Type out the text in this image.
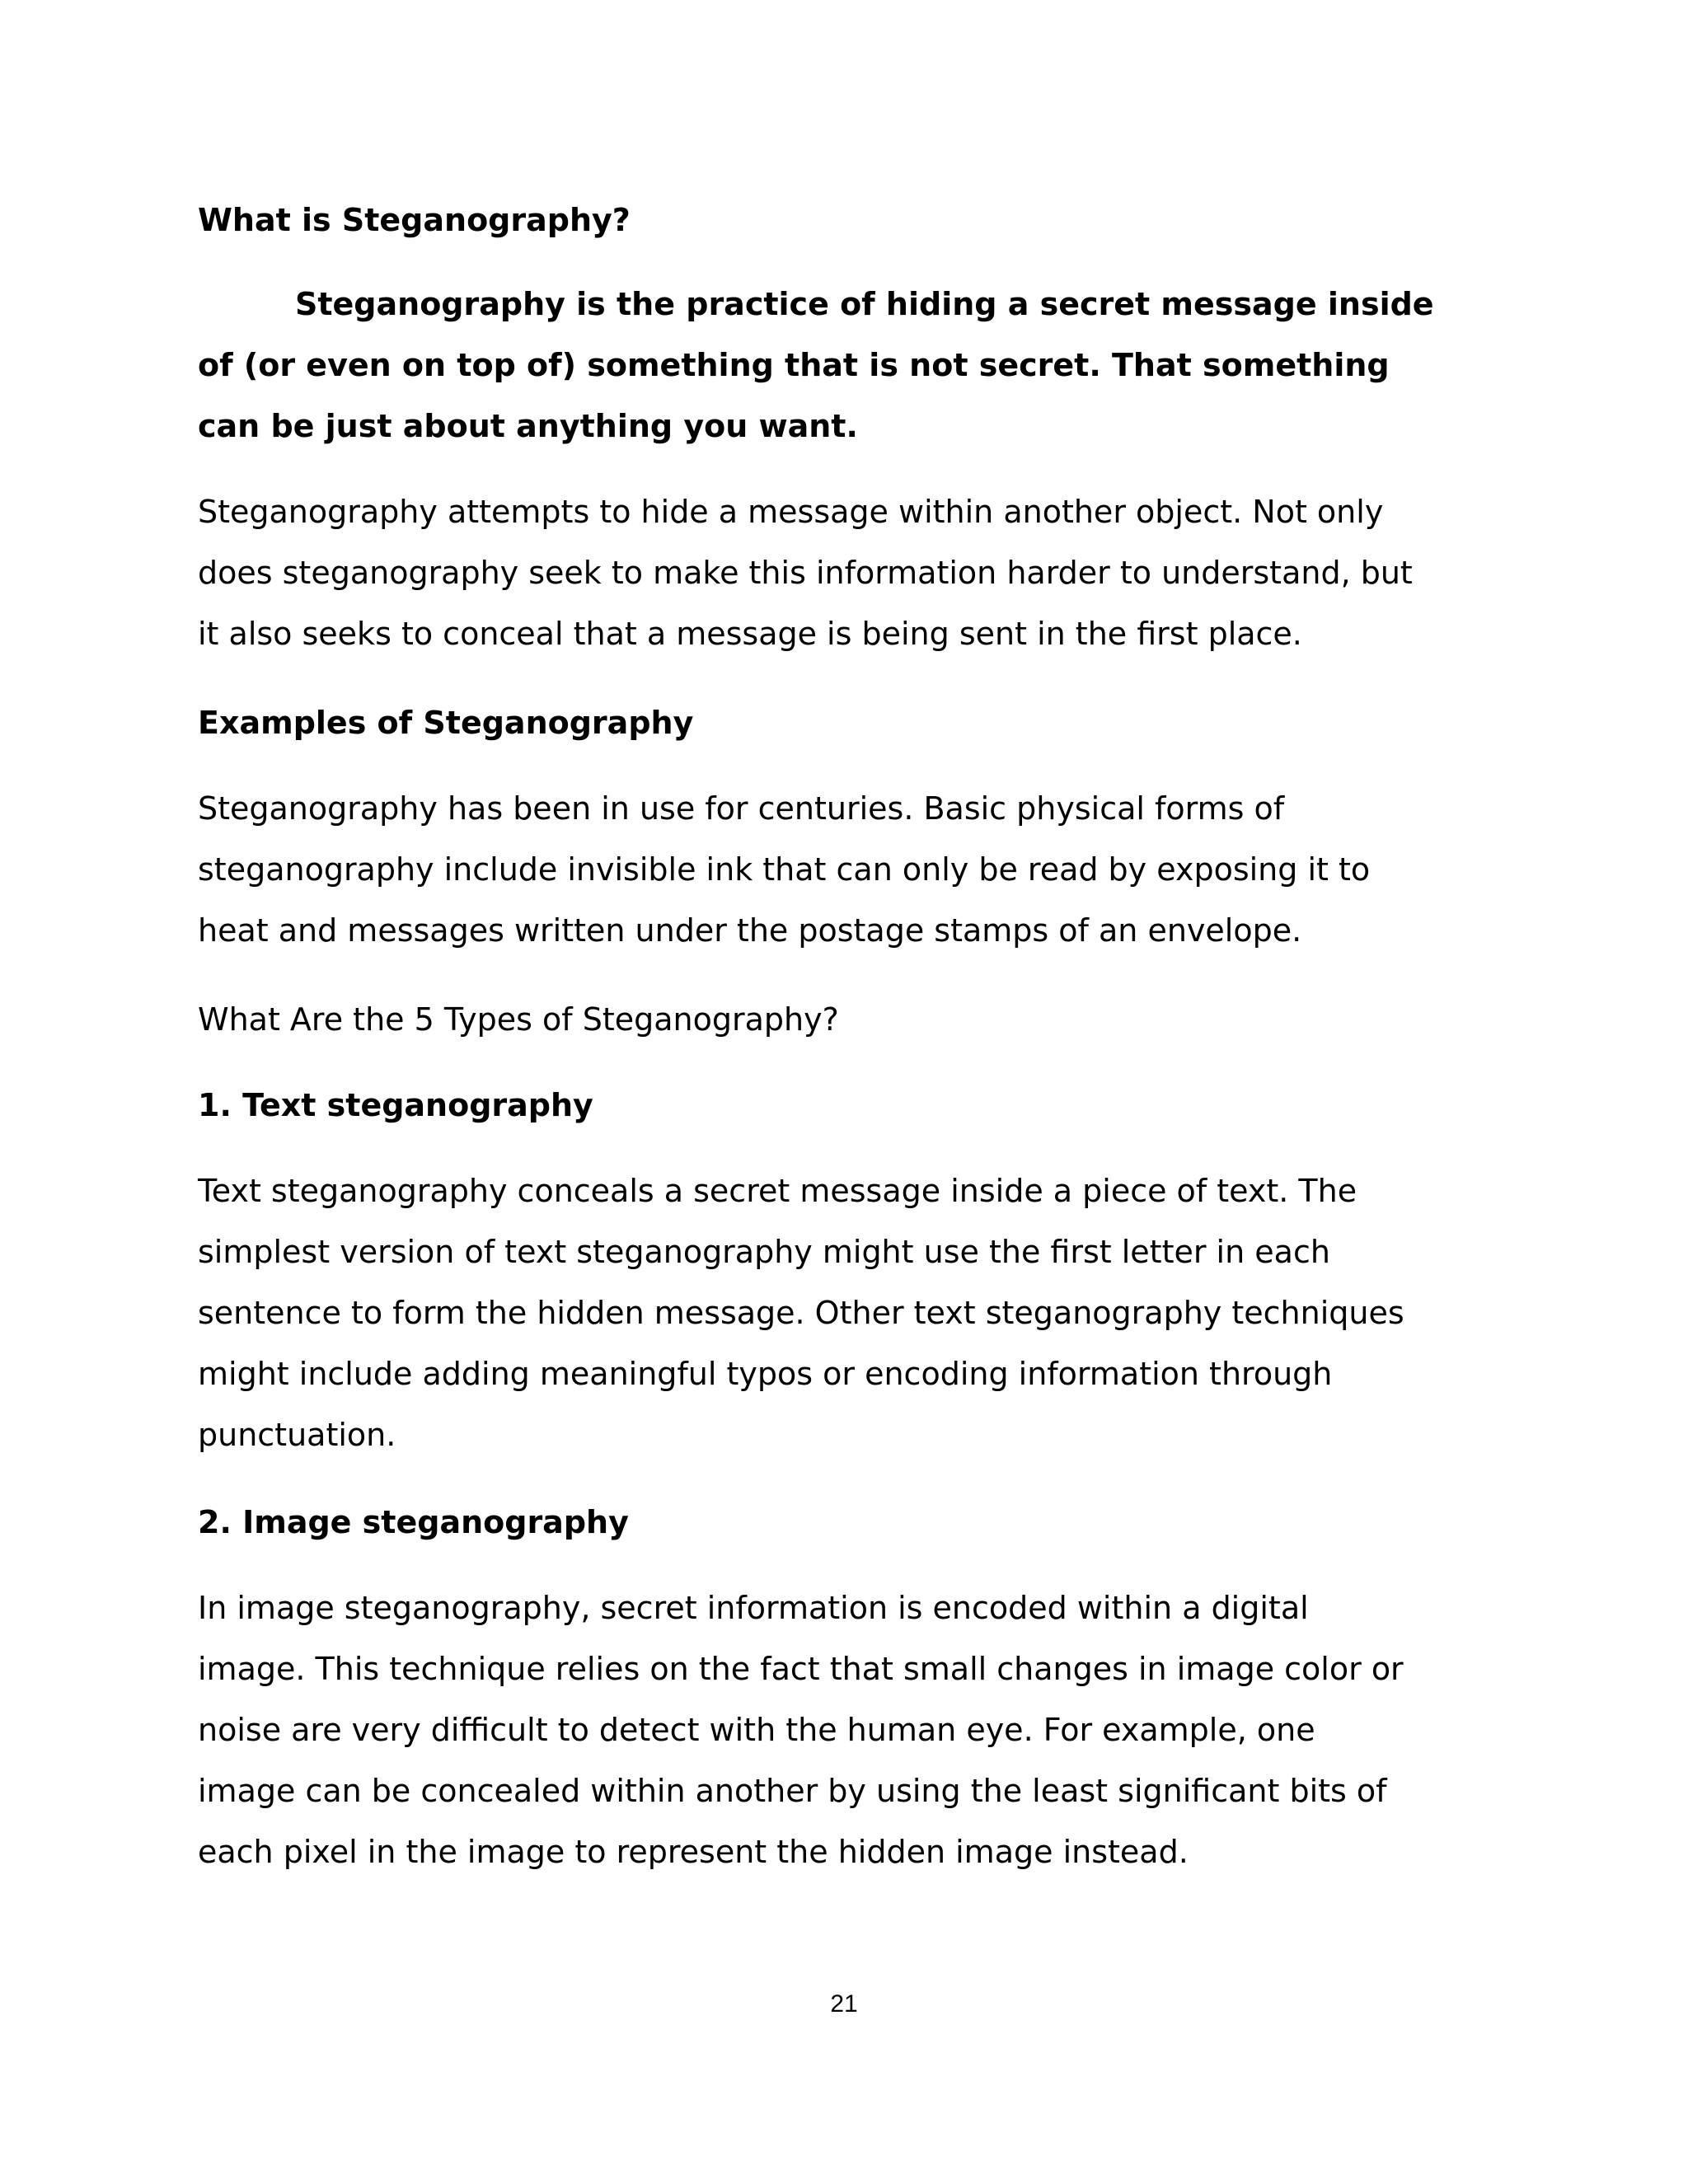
What is Steganography?

Steganography is the practice of hiding a secret message inside
of (or even on top of) something that is not secret. That something
can be just about anything you want.

Steganography attempts to hide a message within another object. Not only
does steganography seek to make this information harder to understand, but
it also seeks to conceal that a message is being sent in the first place.

Examples of Steganography

Steganography has been in use for centuries. Basic physical forms of
steganography include invisible ink that can only be read by exposing it to
heat and messages written under the postage stamps of an envelope.

What Are the 5 Types of Steganography?

1. Text steganography

Text steganography conceals a secret message inside a piece of text. The
simplest version of text steganography might use the first letter in each
sentence to form the hidden message. Other text steganography techniques
might include adding meaningful typos or encoding information through
punctuation.

2. Image steganography

In image steganography, secret information is encoded within a digital
image. This technique relies on the fact that small changes in image color or
noise are very difficult to detect with the human eye. For example, one
image can be concealed within another by using the least significant bits of
each pixel in the image to represent the hidden image instead.

21
